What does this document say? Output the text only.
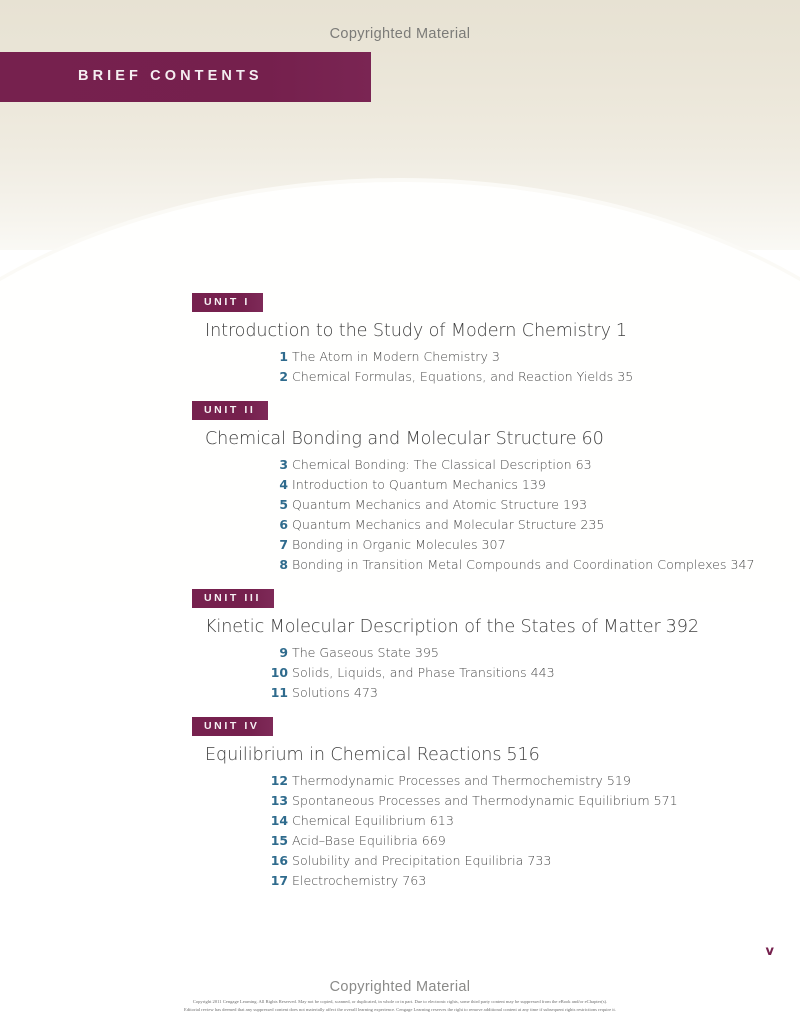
Copyrighted Material
BRIEF CONTENTS
UNIT I
Introduction to the Study of Modern Chemistry 1
1 The Atom in Modern Chemistry 3
2 Chemical Formulas, Equations, and Reaction Yields 35
UNIT II
Chemical Bonding and Molecular Structure 60
3 Chemical Bonding: The Classical Description 63
4 Introduction to Quantum Mechanics 139
5 Quantum Mechanics and Atomic Structure 193
6 Quantum Mechanics and Molecular Structure 235
7 Bonding in Organic Molecules 307
8 Bonding in Transition Metal Compounds and Coordination Complexes 347
UNIT III
Kinetic Molecular Description of the States of Matter 392
9 The Gaseous State 395
10 Solids, Liquids, and Phase Transitions 443
11 Solutions 473
UNIT IV
Equilibrium in Chemical Reactions 516
12 Thermodynamic Processes and Thermochemistry 519
13 Spontaneous Processes and Thermodynamic Equilibrium 571
14 Chemical Equilibrium 613
15 Acid–Base Equilibria 669
16 Solubility and Precipitation Equilibria 733
17 Electrochemistry 763
v
Copyrighted Material
Copyright 2011 Cengage Learning. All Rights Reserved. May not be copied, scanned, or duplicated, in whole or in part. Due to electronic rights, some third party content may be suppressed from the eBook and/or eChapter(s).
Editorial review has deemed that any suppressed content does not materially affect the overall learning experience. Cengage Learning reserves the right to remove additional content at any time if subsequent rights restrictions require it.
